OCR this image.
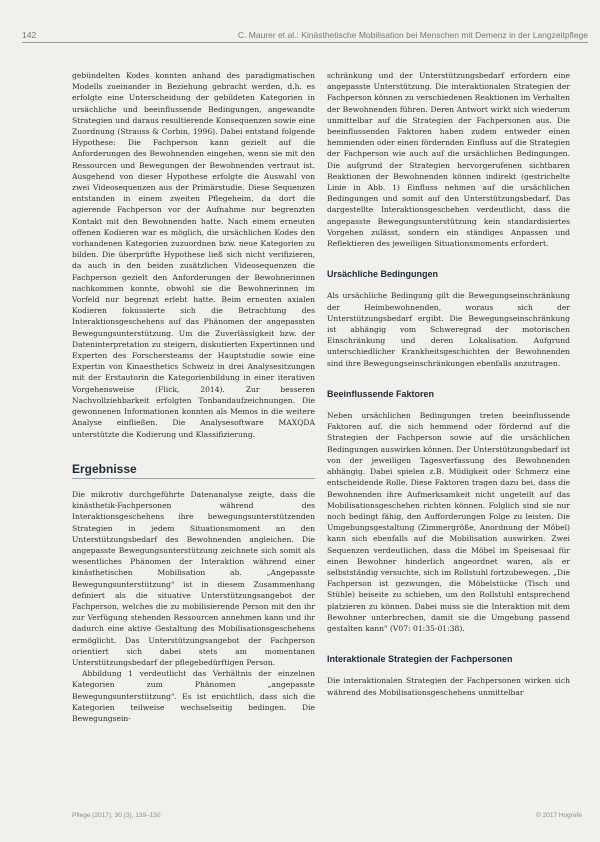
142	C. Maurer et al.: Kinästhetische Mobilisation bei Menschen mit Demenz in der Langzeitpflege

gebündelten Kodes konnten anhand des paradigmatischen Modells zueinander in Beziehung gebracht werden, d.h. es erfolgte eine Unterscheidung der gebildeten Kategorien in ursächliche und beeinflussende Bedingungen, angewandte Strategien und daraus resultierende Konsequenzen sowie eine Zuordnung (Strauss & Corbin, 1996). Dabei entstand folgende Hypothese: Die Fachperson kann gezielt auf die Anforderungen des Bewohnenden eingehen, wenn sie mit den Ressourcen und Bewegungen der Bewohnenden vertraut ist. Ausgehend von dieser Hypothese erfolgte die Auswahl von zwei Videosequenzen aus der Primärstudie. Diese Sequenzen entstanden in einem zweiten Pflegeheim, da dort die agierende Fachperson vor der Aufnahme nur begrenzten Kontakt mit den Bewohnenden hatte. Nach einem erneuten offenen Kodieren war es möglich, die ursächlichen Kodes den vorhandenen Kategorien zuzuordnen bzw. neue Kategorien zu bilden. Die überprüfte Hypothese ließ sich nicht verifizieren, da auch in den beiden zusätzlichen Videosequenzen die Fachperson gezielt den Anforderungen der Bewohnerinnen nachkommen konnte, obwohl sie die Bewohnerinnen im Vorfeld nur begrenzt erlebt hatte. Beim erneuten axialen Kodieren fokussierte sich die Betrachtung des Interaktionsgeschehens auf das Phänomen der angepassten Bewegungsunterstützung. Um die Zuverlässigkeit bzw. der Dateninterpretation zu steigern, diskutierten Expertinnen und Experten des Forschersteams der Hauptstudie sowie eine Expertin von Kinaesthetics Schweiz in drei Analysesitzungen mit der Erstautorin die Kategorienbildung in einer iterativen Vorgehensweise (Flick, 2014). Zur besseren Nachvollziehbarkeit erfolgten Tonbandaufzeichnungen. Die gewonnenen Informationen konnten als Memos in die weitere Analyse einfließen. Die Analysesoftware MAXQDA unterstützte die Kodierung und Klassifizierung.

Ergebnisse

Die mikrotiv durchgeführte Datenanalyse zeigte, dass die kinästhetik-Fachpersonen während des Interaktionsgeschehens ihre bewegungsunterstützenden Strategien in jedem Situationsmoment an den Unterstützungsbedarf des Bewohnenden angleichen. Die angepasste Bewegungsunterstützung zeichnete sich somit als wesentliches Phänomen der Interaktion während einer kinästhetischen Mobilisation ab. „Angepasste Bewegungsunterstützung" ist in diesem Zusammenhang definiert als die situative Unterstützungsangebot der Fachperson, welches die zu mobilisierende Person mit den ihr zur Verfügung stehenden Ressourcen annehmen kann und ihr dadurch eine aktive Gestaltung des Mobilisationsgeschehens ermöglicht. Das Unterstützungsangebot der Fachperson orientiert sich dabei stets am momentanen Unterstützungsbedarf der pflegebedürftigen Person.

Abbildung 1 verdeutlicht das Verhältnis der einzelnen Kategorien zum Phänomen „angepasste Bewegungsunterstützung". Es ist ersichtlich, dass sich die Kategorien teilweise wechselseitig bedingen. Die Bewegungsein-

schränkung und der Unterstützungsbedarf erfordern eine angepasste Unterstützung. Die interaktionalen Strategien der Fachperson können zu verschiedenen Reaktionen im Verhalten der Bewohnenden führen. Deren Antwort wirkt sich wiederum unmittelbar auf die Strategien der Fachpersonen aus. Die beeinflussenden Faktoren haben zudem entweder einen hemmenden oder einen fördernden Einfluss auf die Strategien der Fachperson wie auch auf die ursächlichen Bedingungen. Die aufgrund der Strategien hervorgerufenen sichtbaren Reaktionen der Bewohnenden können indirekt (gestrichelte Linie in Abb. 1) Einfluss nehmen auf die ursächlichen Bedingungen und somit auf den Unterstützungsbedarf. Das dargestellte Interaktionsgeschehen verdeutlicht, dass die angepasste Bewegungsunterstützung kein standardisiertes Vorgehen zulässt, sondern ein ständiges Anpassen und Reflektieren des jeweiligen Situationsmoments erfordert.

Ursächliche Bedingungen

Als ursächliche Bedingung gilt die Bewegungseinschränkung der Heimbewohnenden, woraus sich der Unterstützungsbedarf ergibt. Die Bewegungseinschränkung ist abhängig vom Schweregrad der motorischen Einschränkung und deren Lokalisation. Aufgrund unterschiedlicher Krankheitsgeschichten der Bewohnenden sind ihre Bewegungseinschränkungen ebenfalls anzutragen.

Beeinflussende Faktoren

Neben ursächlichen Bedingungen treten beeinflussende Faktoren auf, die sich hemmend oder fördernd auf die Strategien der Fachperson sowie auf die ursächlichen Bedingungen auswirken können. Der Unterstützungsbedarf ist von der jeweiligen Tagesverfassung des Bewohnenden abhängig. Dabei spielen z.B. Müdigkeit oder Schmerz eine entscheidende Rolle. Diese Faktoren tragen dazu bei, dass die Bewohnenden ihre Aufmerksamkeit nicht ungeteilt auf das Mobilisationsgeschehen richten können. Folglich sind sie nur noch bedingt fähig, den Aufforderungen Folge zu leisten. Die Umgebungsgestaltung (Zimmergröße, Anordnung der Möbel) kann sich ebenfalls auf die Mobilisation auswirken. Zwei Sequenzen verdeutlichen, dass die Möbel im Speisesaal für einen Bewohner hinderlich angeordnet waren, als er selbstständig versuchte, sich im Rollstuhl fortzubewegen. „Die Fachperson ist gezwungen, die Möbelstücke (Tisch und Stühle) beiseite zu schieben, um den Rollstuhl entsprechend platzieren zu können. Dabei muss sie die Interaktion mit dem Bewohner unterbrechen, damit sie die Umgebung passend gestalten kann" (V07: 01:35-01:38).

Interaktionale Strategien der Fachpersonen

Die interaktionalen Strategien der Fachpersonen wirken sich während des Mobilisationsgeschehens unmittelbar

Pflege (2017), 30 (3), 139–150	© 2017 Hogrefe
